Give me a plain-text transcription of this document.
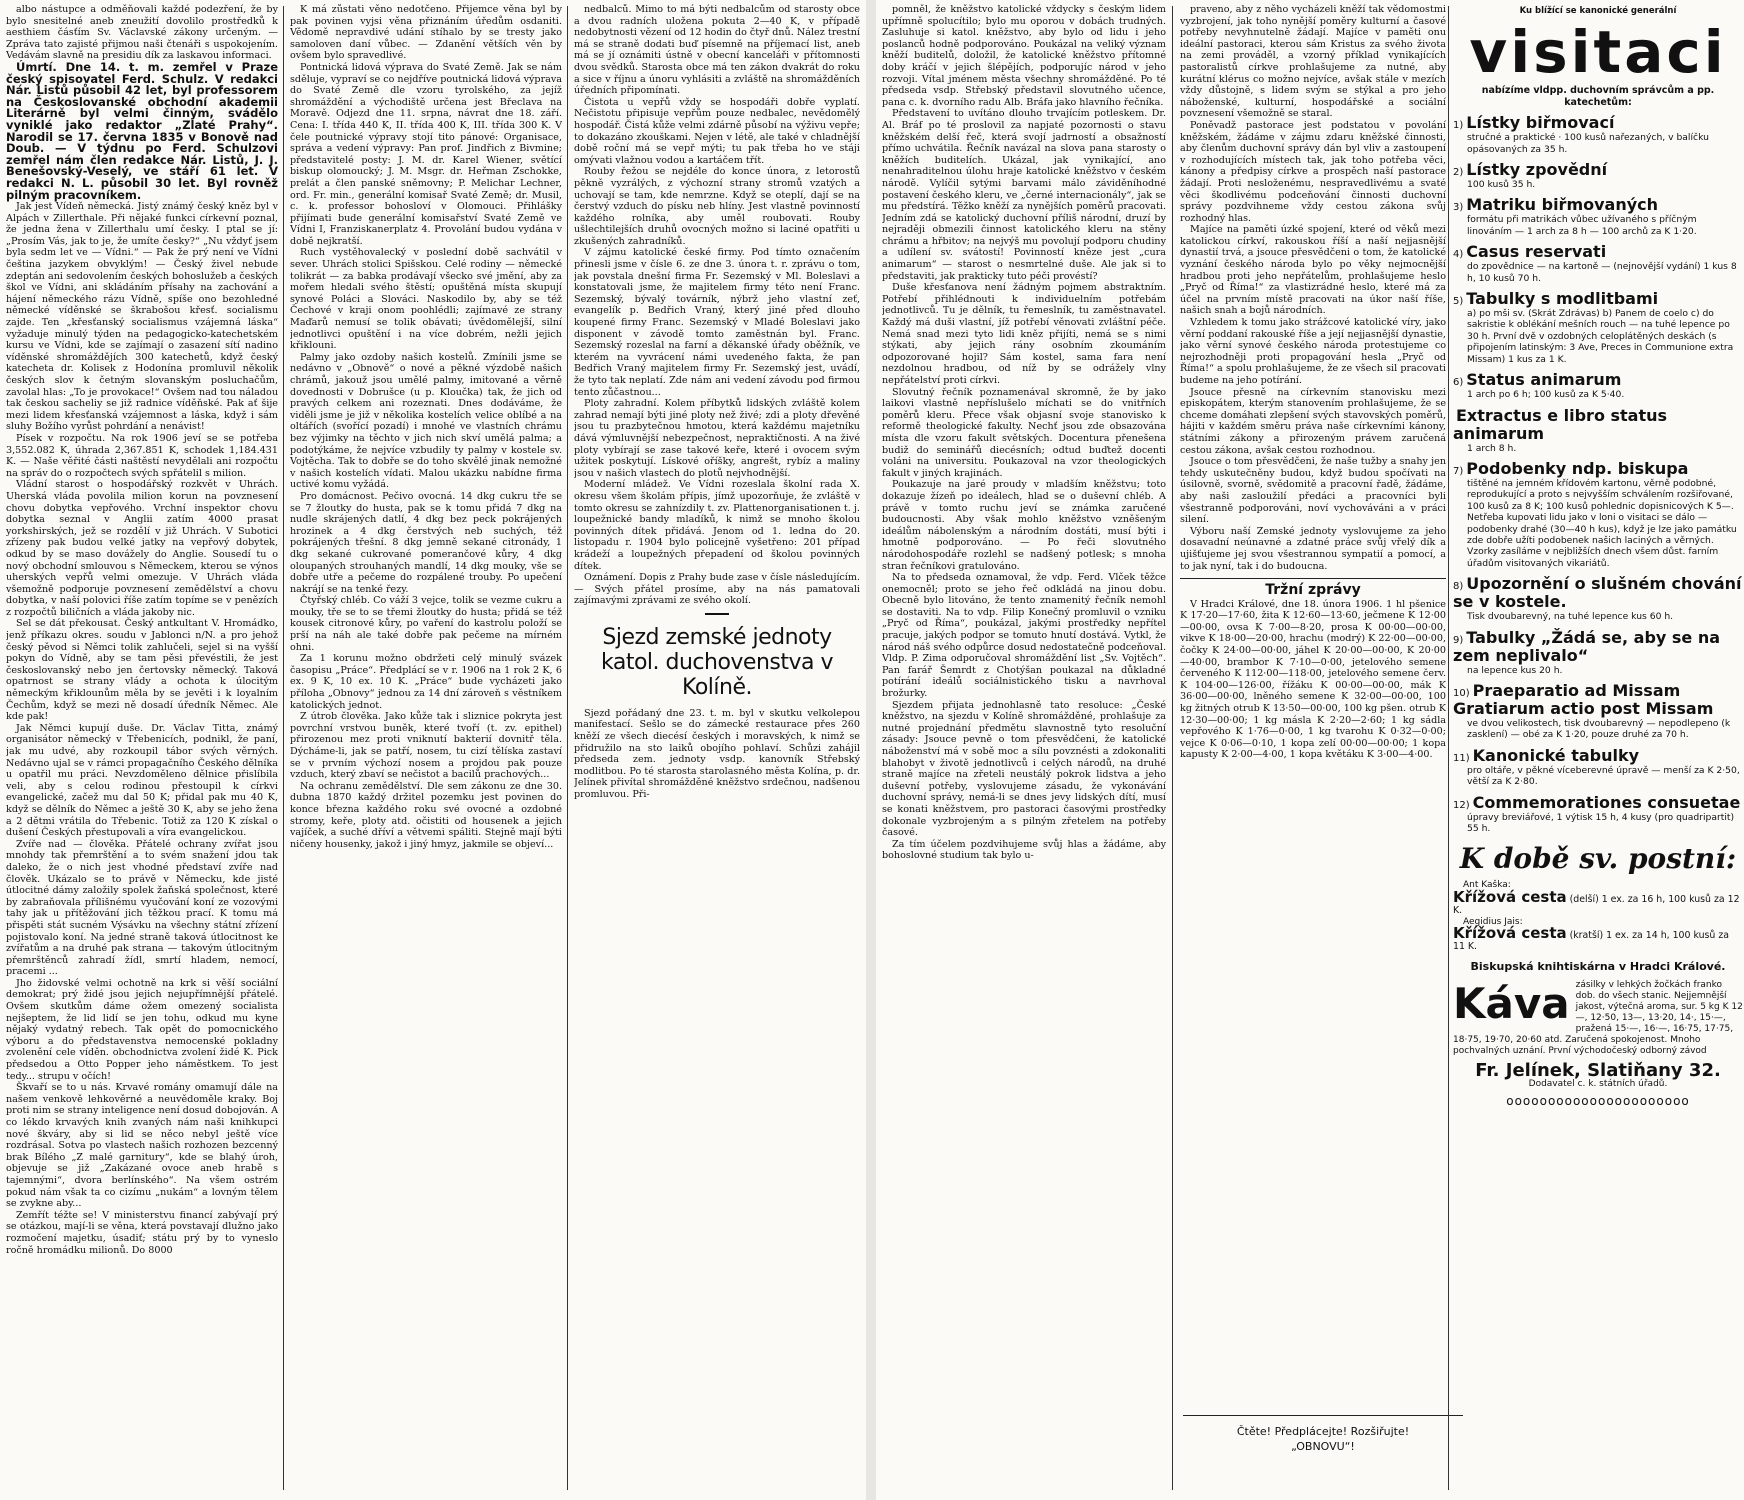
albo nástupce a odměňovali každé podezření, že by bylo snesitelné aneb zneužití dovolilo prostředků k aesthiem čásťím Sv. Václavské zákony určeným. — Zpráva tato zajisté přijmou naši čtenáři s uspokojením. Vedávám slavně na presidiu dík za laskavou informaci.

Úmrtí. Dne 14. t. m. zemřel v Praze český spisovatel Ferd. Schulz. V redakci Nár. Listů působil 42 let, byl professorem na Českoslovanské obchodní akademii Literárně byl velmi činným, svádělo vyniklé jako redaktor „Zlaté Prahy“. Narodil se 17. června 1835 v Bonově nad Doub. — V týdnu po Ferd. Schulzovi zemřel nám člen redakce Nár. Listů, J. J. Benešovský-Veselý, ve stáří 61 let. V redakci N. L. působil 30 let. Byl rovněž pilným pracovníkem.

Jak jest Vídeň německá. Jistý známý český kněz byl v Alpách v Zillerthale. Při nějaké funkci církevní poznal, že jedna žena v Zillerthalu umí česky. I ptal se jí: „Prosím Vás, jak to je, že umíte česky?“ „Nu vždyť jsem byla sedm let ve — Vídni.“ — Pak že prý není ve Vídni čeština jazykem obvyklým! — Český živel nebude zdeptán ani sedovolením českých bohoslužeb a českých škol ve Vídni, ani skládáním přísahy na zachování a hájení německého rázu Vídně, spíše ono bezohledné německé víděnské se škrabošou křesť. socialismu zajde. Ten „křesťanský socialismus vzájemná láska“ vyžaduje minulý týden na pedagogicko-katechetském kursu ve Vídni, kde se zajímají o zasazení sítí nadino víděnské shromáždějích 300 katechetů, když český katecheta dr. Kolisek z Hodonína promluvil několik českých slov k četným slovanským posluchačům, zavolal hlas: „To je provokace!“ Ovšem nad tou náladou tak českou sacheliy se již radnice víděňské. Pak ať šije mezi lidem křesťanská vzájemnost a láska, když i sám sluhy Božího vyrůst pohrdání a nenávist!

Písek v rozpočtu. Na rok 1906 jeví se se potřeba 3,552.082 K, úhrada 2,367.851 K, schodek 1,184.431 K. — Naše věřité části naštěstí nevydělali ani rozpočtu na správ do o rozpočtech svých spřátelil s milion.

Vládní starost o hospodářský rozkvět v Uhrách. Uherská vláda povolila milion korun na povznesení chovu dobytka vepřového. Vrchní inspektor chovu dobytka seznal v Anglii zatím 4000 prasat yorkshirských, jež se rozdělí v již Uhrách. V Subotici zřízeny pak budou velké jatky na vepřový dobytek, odkud by se maso dovážely do Anglie. Sousedí tu o nový obchodní smlouvou s Německem, kterou se výnos uherských vepřů velmi omezuje. V Uhrách vláda všemožně podporuje povznesení zemědělství a chovu dobytka, v naší polovici říše zatím topíme se v penězích z rozpočtů biličních a vláda jakoby nic.

Sel se dát překousat. Český antkultant V. Hromádko, jenž příkazu okres. soudu v Jablonci n/N. a pro jehož český pěvod si Němci tolik zahlučeli, sejel si na vyšší pokyn do Vídně, aby se tam pěsi převéstili, že jest českoslovanský nebo jen čertovsky německý. Taková opatrnost se strany vlády a ochota k úlocitým německým křiklounům měla by se jevěti i k loyalním Čechům, když se mezi ně dosadí úředník Němec. Ale kde pak!

Jak Němci kupují duše. Dr. Václav Titta, známý organisátor německý v Třebenicích, podnikl, že paní, jak mu udvé, aby rozkoupil tábor svých věrných. Nedávno ujal se v rámci propagačního Českého dělníka u opatřil mu práci. Nevzdoměleno dělnice přislíbila veli, aby s celou rodinou přestoupil k církvi evangelické, začež mu dal 50 K; přidal pak mu 40 K, když se dělník do Němec a ještě 30 K, aby se jeho žena a 2 dětmi vrátila do Třebenic. Totiž za 120 K získal o dušení Českých přestupovali a víra evangelickou.

Zvíře nad — člověka. Přátelé ochrany zvířat jsou mnohdy tak přemrštění a to svém snažení jdou tak daleko, že o nich jest vhodné představí zvíře nad člověk. Ukázalo se to právě v Německu, kde jisté útlocitné dámy založily spolek žaňská společnost, které by zabraňovala přílišnému vyučování koní ze vozovými tahy jak u přítěžování jich těžkou prací. K tomu má přispěti stát sucném Výsávku na všechny státní zřízení pojistovalo koní. Na jedné straně taková útlocitnost ke zvířatům a na druhé pak strana — takovým útlocitným přemrštěnců zahradí žídl, smrtí hladem, nemocí, pracemi ...

Jho židovské velmi ochotně na krk si věší sociální demokrat; prý židé jsou jejich nejupřímnější přátelé. Ovšem skutkům dáme ožem omezený socialista nejšeptem, že lid lidí se jen tohu, odkud mu kyne nějaký vydatný rebech. Tak opět do pomocnického výboru a do představenstva nemocenské pokladny zvolenění cele víděn. obchodnictva zvolení židé K. Pick předsedou a Otto Popper jeho náměstkem. To jest tedy... strupu v očích!

Škvaří se to u nás. Krvavé romány omamují dále na našem venkově lehkověrné a neuvědoměle kraky. Boj proti nim se strany inteligence není dosud dobojován. A co lékdo krvavých knih zvaných nám naši knihkupci nové škváry, aby si lid se něco nebyl ještě více rozdrásal. Sotva po vlastech našich rozhozen bezcenný brak Bílého „Z malé garnitury“, kde se blahý úroh, objevuje se již „Zakázané ovoce aneb hrabě s tajemnými“, dvora berlínského“. Na všem ostrém pokud nám však ta co cizímu „nukám“ a lovným tělem se zvykne aby...

Zemřít téžte se! V ministerstvu financí zabývají prý se otázkou, mají-li se věna, která povstavají dlužno jako rozmočení majetku, úsadiť; státu prý by to vyneslo ročně hromádku milionů. Do 8000

K má zůstati věno nedotčeno. Přijemce věna byl by pak povinen vyjsi věna přiznáním úředům osdaniti. Vědomě nepravdivé udání stíhalo by se tresty jako samoloven daní vůbec. — Zdanění větších věn by ovšem bylo spravedlivé.

Pontnická lidová výprava do Svaté Země. Jak se nám sděluje, vypraví se co nejdříve poutnická lidová výprava do Svaté Země dle vzoru tyrolského, za jejíž shromáždění a východiště určena jest Břeclava na Moravě. Odjezd dne 11. srpna, návrat dne 18. září. Cena: I. třída 440 K, II. třída 400 K, III. třída 300 K. V čele poutnické výpravy stojí tito pánové: Organisace, správa a vedení výpravy: Pan prof. Jindřich z Bivmine; představitelé posty: J. M. dr. Karel Wiener, světící biskup olomoucký; J. M. Msgr. dr. Heřman Zschokke, prelát a člen panské sněmovny; P. Melichar Lechner, ord. Fr. min., generální komisař Svaté Země; dr. Musil, c. k. professor bohosloví v Olomouci. Přihlášky přijímati bude generální komisařství Svaté Země ve Vídni I, Franziskanerplatz 4. Provolání budou vydána v době nejkratší.

Ruch vystěhovalecký v poslední době sachvátil v sever. Uhrách stolici Spišskou. Celé rodiny — německé tolikrát — za babka prodávají všecko své jmění, aby za mořem hledali svého štěstí; opuštěná místa skupují synové Poláci a Slováci. Naskodilo by, aby se též Čechové v kraji onom poohlédli; zajímavé ze strany Maďarů nemusí se tolik obávati; úvědomělejší, silní jednotlivci opuštění i na více dobrém, nežli jejich křiklouni.

Palmy jako ozdoby našich kostelů. Zmínili jsme se nedávno v „Obnově“ o nové a pěkné výzdobě našich chrámů, jakouž jsou umělé palmy, imitované a věrně dovednosti v Dobrušce (u p. Kloučka) tak, že jich od pravých celkem ani rozeznati. Dnes dodáváme, že viděli jsme je již v několika kostelích velice oblíbé a na oltářích (svořící pozadí) i mnohé ve vlastních chrámu bez výjimky na těchto v jich nich skví umělá palma; a podotýkáme, že nejvíce vzbudily ty palmy v kostele sv. Vojtěcha. Tak to dobře se do toho skvělé jinak nemožné v našich kostelích vídati. Malou ukázku nabídne firma uctivé komu vyžádá.

Pro domácnost. Pečivo ovocná. 14 dkg cukru tře se se 7 žloutky do husta, pak se k tomu přidá 7 dkg na nudle skrájených datlí, 4 dkg bez peck pokrájených hrozinek a 4 dkg čerstvých neb suchých, též pokrájených třešní. 8 dkg jemně sekané citronády, 1 dkg sekané cukrované pomerančové kůry, 4 dkg oloupaných strouhaných mandlí, 14 dkg mouky, vše se dobře utře a pečeme do rozpálené trouby. Po upečení nakrájí se na tenké řezy.

Čtyřský chléb. Co váží 3 vejce, tolik se vezme cukru a mouky, tře se to se třemi žloutky do husta; přidá se též kousek citronové kůry, po vaření do kastrolu položí se prší na náh ale také dobře pak pečeme na mírném ohni.

Za 1 korunu možno obdržeti celý minulý svázek časopisu „Práce“. Předplácí se v r. 1906 na 1 rok 2 K, 6 ex. 9 K, 10 ex. 10 K. „Práce“ bude vycházeti jako příloha „Obnovy“ jednou za 14 dní zároveň s věstníkem katolických jednot.

Z útrob člověka. Jako kůže tak i sliznice pokryta jest povrchní vrstvou buněk, které tvoří (t. zv. epithel) přirozenou mez proti vniknutí bakterií dovnitř těla. Dýcháme-li, jak se patří, nosem, tu cizí tělíska zastaví se v prvním výchozí nosem a projdou pak pouze vzduch, který zbaví se nečistot a bacilů prachových...

Na ochranu zemědělství. Dle sem zákonu ze dne 30. dubna 1870 každý držitel pozemku jest povinen do konce března každého roku své ovocné a ozdobné stromy, keře, ploty atd. očistiti od housenek a jejich vajíček, a suché dříví a větvemi spáliti. Stejně mají býti ničeny housenky, jakož i jiný hmyz, jakmile se objeví...

nedbalců. Mimo to má býti nedbalcům od starosty obce a dvou radních uložena pokuta 2—40 K, v případě nedobytnosti vězení od 12 hodin do čtyř dnů. Nález trestní má se straně dodati buď písemně na příjemací list, aneb má se jí oznámiti ústně v obecní kanceláři v přítomnosti dvou svědků. Starosta obce má ten zákon dvakrát do roku a sice v říjnu a únoru vyhlásiti a zvláště na shromážděních úředních připomínati.

Čistota u vepřů vždy se hospodáři dobře vyplatí. Nečistotu připisuje vepřům pouze nedbalec, nevědomělý hospodář. Čistá kůže velmi zdárně působí na výživu vepře; to dokazáno zkouškami. Nejen v létě, ale také v chladnější době roční má se vepř mýti; tu pak třeba ho ve stáji omývati vlažnou vodou a kartáčem třít.

Rouby řežou se nejdéle do konce února, z letorostů pěkně vyzrálých, z výchozní strany stromů vzatých a uchovají se tam, kde nemrzne. Když se oteplí, dají se na čerstvý vzduch do písku neb hlíny. Jest vlastně povinností každého rolníka, aby uměl roubovati. Rouby ušlechtilejších druhů ovocných možno si laciné opatřiti u zkušených zahradníků.

V zájmu katolické české firmy. Pod tímto označením přinesli jsme v čísle 6. ze dne 3. února t. r. zprávu o tom, jak povstala dnešní firma Fr. Sezemský v Ml. Boleslavi a konstatovali jsme, že majitelem firmy této není Franc. Sezemský, bývalý továrník, nýbrž jeho vlastní zeť, evangelík p. Bedřich Vraný, který jiné před dlouho koupené firmy Franc. Sezemský v Mladé Boleslavi jako disponent v závodě tomto zaměstnán byl. Franc. Sezemský rozeslal na farní a děkanské úřady oběžník, ve kterém na vyvrácení námi uvedeného fakta, že pan Bedřich Vraný majitelem firmy Fr. Sezemský jest, uvádí, že tyto tak neplatí. Zde nám ani vedení závodu pod firmou tento zůčastnou...

Ploty zahradní. Kolem příbytků lidských zvláště kolem zahrad nemají býti jiné ploty než živé; zdi a ploty dřevěné jsou tu prazbytečnou hmotou, která každému majetníku dává výmluvnější nebezpečnost, nepraktičnosti. A na živé ploty vybírají se zase takové keře, které i ovocem svým užitek poskytují. Lískové oříšky, angrešt, rybíz a maliny jsou v našich vlastech do plotů nejvhodnější.

Moderní mládež. Ve Vídni rozeslala školní rada X. okresu všem školám přípis, jímž upozorňuje, že zvláště v tomto okresu se zahnízdily t. zv. Plattenorganisationen t. j. loupežnické bandy mladíků, k nimž se mnoho školou povinných dítek přidává. Jenom od 1. ledna do 20. listopadu r. 1904 bylo policejně vyšetřeno: 201 případ krádeží a loupežných přepadení od školou povinných dítek.

Oznámení. Dopis z Prahy bude zase v čísle následujícím. — Svých přátel prosíme, aby na nás pamatovali zajímavými zprávami ze svého okolí.

Sjezd zemské jednoty katol. duchovenstva v Kolíně.

Sjezd pořádaný dne 23. t. m. byl v skutku velkolepou manifestací. Sešlo se do zámecké restaurace přes 260 kněží ze všech diecésí českých i moravských, k nimž se přidružilo na sto laiků obojího pohlaví. Schůzi zahájil předseda zem. jednoty vsdp. kanovník Střebský modlitbou. Po té starosta starolasného města Kolína, p. dr. Jelínek přivítal shromážděné kněžstvo srdečnou, nadšenou promluvou. Při-

pomněl, že kněžstvo katolické vždycky s českým lidem upřímně spolucítilo; bylo mu oporou v dobách trudných. Zasluhuje si katol. kněžstvo, aby bylo od lidu i jeho poslanců hodně podporováno. Poukázal na veliký význam kněží buditelů, doložil, že katolické kněžstvo přítomné doby kráčí v jejich šlépějích, podporujíc národ v jeho rozvoji. Vítal jménem města všechny shromážděné. Po té předseda vsdp. Střebský představil slovutného učence, pana c. k. dvorního radu Alb. Bráfa jako hlavního řečníka.

Představení to uvítáno dlouho trvajícím potleskem. Dr. Al. Bráf po té proslovil za napjaté pozornosti o stavu kněžském delší řeč, která svojí jadrností a obsažností přímo uchvátila. Řečník navázal na slova pana starosty o kněžích buditelích. Ukázal, jak vynikající, ano nenahraditelnou úlohu hraje katolické kněžstvo v českém národě. Vylíčil sytými barvami málo záviděníhodné postavení českého kleru, ve „černé internacionály“, jak se mu předstírá. Těžko kněží za nynějších poměrů pracovati. Jedním zdá se katolický duchovní příliš národní, druzí by nejraději obmezili činnost katolického kleru na stěny chrámu a hřbitov; na nejvýš mu povolují podporu chudiny a udílení sv. svátostí! Povinností kněze jest „cura animarum“ — starost o nesmrtelné duše. Ale jak si to představiti, jak prakticky tuto péči provéstí?

Duše křesťanova není žádným pojmem abstraktním. Potřebí přihlédnouti k individuelním potřebám jednotlivců. Tu je dělník, tu řemeslník, tu zaměstnavatel. Každý má duši vlastní, jíž potřebí věnovati zvláštní péče. Nemá snad mezi tyto lidi kněz přijíti, nemá se s nimi stýkati, aby jejich rány osobním zkoumáním odpozorované hojil? Sám kostel, sama fara není nezdolnou hradbou, od níž by se odrážely vlny nepřátelství proti církvi.

Slovutný řečník poznamenával skromně, že by jako laikovi vlastně nepříslušelo míchati se do vnitřních poměrů kleru. Přece však objasní svoje stanovisko k reformě theologické fakulty. Nechť jsou zde obsazována místa dle vzoru fakult světských. Docentura přenešena budiž do seminářů diecésních; odtud buďtež docenti voláni na universitu. Poukazoval na vzor theologických fakult v jiných krajinách.

Poukazuje na jaré proudy v mladším kněžstvu; toto dokazuje žízeň po ideálech, hlad se o duševní chléb. A právě v tomto ruchu jeví se známka zaručené budoucnosti. Aby však mohlo kněžstvo vzněšeným ideálům nábolenským a národním dostáti, musí býti i hmotně podporováno. — Po řeči slovutného národohospodáře rozlehl se nadšený potlesk; s mnoha stran řečníkovi gratulováno.

Na to předseda oznamoval, že vdp. Ferd. Vlček těžce onemocněl; proto se jeho řeč odkládá na jinou dobu. Obecně bylo litováno, že tento znamenitý řečník nemohl se dostaviti. Na to vdp. Filip Konečný promluvil o vzniku „Pryč od Říma“, poukázal, jakými prostředky nepřítel pracuje, jakých podpor se tomuto hnutí dostává. Vytkl, že národ náš svého odpůrce dosud nedostatečně podceňoval. Vldp. P. Zima odporučoval shromáždění list „Sv. Vojtěch“. Pan farář Šemrdt z Chotýšan poukazal na důkladné potírání ideálů sociálnistického tisku a navrhoval brožurky.

Sjezdem přijata jednohlasně tato resoluce: „České kněžstvo, na sjezdu v Kolíně shromážděné, prohlašuje za nutné projednání předmětu slavnostně tyto resoluční zásady: Jsouce pevně o tom přesvědčeni, že katolické náboženství má v sobě moc a sílu povznésti a zdokonaliti blahobyt v životě jednotlivců i celých národů, na druhé straně majíce na zřeteli neustálý pokrok lidstva a jeho duševní potřeby, vyslovujeme zásadu, že vykonávání duchovní správy, nemá-li se dnes jevy lidských dítí, musí se konati kněžstvem, pro pastoraci časovými prostředky dokonale vyzbrojeným a s pilným zřetelem na potřeby časové.

Za tím účelem pozdvihujeme svůj hlas a žádáme, aby bohoslovné studium tak bylo u-

praveno, aby z něho vycházeli kněží tak vědomostmi vyzbrojení, jak toho nynější poměry kulturní a časové potřeby nevyhnutelně žádají. Majíce v paměti onu ideální pastoraci, kterou sám Kristus za svého života na zemi prováděl, a vzorný příklad vynikajících pastoralistů církve prohlašujeme za nutné, aby kurátní klérus co možno nejvíce, avšak stále v mezích vždy důstojně, s lidem svým se stýkal a pro jeho náboženské, kulturní, hospodářské a sociální povznesení všemožně se staral.

Poněvadž pastorace jest podstatou v povolání kněžském, žádáme v zájmu zdaru kněžské činnosti, aby členům duchovní správy dán byl vliv a zastoupení v rozhodujících místech tak, jak toho potřeba věci, kánony a předpisy církve a prospěch naší pastorace žádají. Proti nesloženému, nespravedlivému a svaté věci škodlivému podceňování činnosti duchovní správy pozdvihneme vždy cestou zákona svůj rozhodný hlas.

Majíce na paměti úzké spojení, které od věků mezi katolickou církví, rakouskou říší a naší nejjasnější dynastií trvá, a jsouce přesvědčeni o tom, že katolické vyznání českého národa bylo po věky nejmocnější hradbou proti jeho nepřátelům, prohlašujeme heslo „Pryč od Říma!“ za vlastizrádné heslo, které má za účel na prvním místě pracovati na úkor naší říše, našich snah a bojů národních.

Vzhledem k tomu jako strážcové katolické víry, jako věrní poddaní rakouské říše a její nejjasnější dynastie, jako věrní synové českého národa protestujeme co nejrozhodněji proti propagování hesla „Pryč od Říma!“ a spolu prohlašujeme, že ze všech sil pracovati budeme na jeho potírání.

Jsouce přesně na církevním stanovisku mezi episkopátem, kterým stanovením prohlašujeme, že se chceme domáhati zlepšení svých stavovských poměrů, hájiti v každém směru práva naše církevními kánony, státními zákony a přirozeným právem zaručená cestou zákona, avšak cestou rozhodnou.

Jsouce o tom přesvědčeni, že naše tužby a snahy jen tehdy uskutečněny budou, když budou spočívati na úsilovně, svorně, svědomitě a pracovní řadě, žádáme, aby naši zasloužilí předáci a pracovníci byli všestranně podporováni, noví vychováváni a v práci silení.

Výboru naší Zemské jednoty vyslovujeme za jeho dosavadní neúnavné a zdatné práce svůj vřelý dík a ujišťujeme jej svou všestrannou sympatií a pomocí, a to jak nyní, tak i do budoucna.

Tržní zprávy

V Hradci Králové, dne 18. února 1906. 1 hl pšenice K 17·20—17·60, žita K 12·60—13·60, ječmene K 12·00—00·00, ovsa K 7·00—8·20, prosa K 00·00—00·00, vikve K 18·00—20·00, hrachu (modrý) K 22·00—00·00, čočky K 24·00—00·00, jáhel K 20·00—00·00, K 20·00—40·00, brambor K 7·10—0·00, jetelového semene červeného K 112·00—118·00, jetelového semene červ. K 104·00—126·00, řížáku K 00·00—00·00, mák K 36·00—00·00, lněného semene K 32·00—00·00, 100 kg žitných otrub K 13·50—00·00, 100 kg pšen. otrub K 12·30—00·00; 1 kg másla K 2·20—2·60; 1 kg sádla vepřového K 1·76—0·00, 1 kg tvarohu K 0·32—0·00; vejce K 0·06—0·10, 1 kopa zelí 00·00—00·00; 1 kopa kapusty K 2·00—4·00, 1 kopa květáku K 3·00—4·00.

Čtěte! Předplácejte! Rozšiřujte!
„OBNOVU“!
Ku blížící se kanonické generální
visitaci
nabízíme vldpp. duchovním správcům a pp. katechetům:
1) Lístky biřmovací
stručné a praktické · 100 kusů nařezaných, v balíčku opásovaných za 35 h.
2) Lístky zpovědní
100 kusů 35 h.
3) Matriku biřmovaných
formátu při matrikách vůbec užívaného s příčným linováním — 1 arch za 8 h — 100 archů za K 1·20.
4) Casus reservati
do zpovědnice — na kartoně — (nejnovější vydání) 1 kus 8 h, 10 kusů 70 h.
5) Tabulky s modlitbami
a) po mši sv. (Skrát Zdrávas) b) Panem de coelo c) do sakristie k oblékání mešních rouch — na tuhé lepence po 30 h. První dvě v ozdobných celoplátěných deskách (s připojením latinským: 3 Ave, Preces in Communione extra Missam) 1 kus za 1 K.
6) Status animarum
1 arch po 6 h; 100 kusů za K 5·40.
Extractus e libro status animarum
1 arch 8 h.
7) Podobenky ndp. biskupa
tištěné na jemném křídovém kartonu, věrně podobné, reprodukující a proto s nejvyšším schválením rozšiřované, 100 kusů za 8 K; 100 kusů pohlednic dopisnicových K 5—. Netřeba kupovati lidu jako v loni o visitaci se dálo — podobenky drahé (30—40 h kus), když je lze jako památku zde dobře užíti podobenek našich laciných a věrných. Vzorky zasíláme v nejbližších dnech všem důst. farním úřadům visitovaných vikariátů.
8) Upozornění o slušném chování se v kostele.
Tisk dvoubarevný, na tuhé lepence kus 60 h.
9) Tabulky „Žádá se, aby se na zem neplivalo“
na lepence kus 20 h.
10) Praeparatio ad Missam Gratiarum actio post Missam
ve dvou velikostech, tisk dvoubarevný — nepodlepeno (k zasklení) — obé za K 1·20, pouze druhé za 70 h.
11) Kanonické tabulky
pro oltáře, v pěkné víceberevné úpravě — menší za K 2·50, větší za K 2·80.
12) Commemorationes consuetae
úpravy breviářové, 1 výtisk 15 h, 4 kusy (pro quadripartit) 55 h.
K době sv. postní:
Ant Kaška:
Křížová cesta (delší) 1 ex. za 16 h, 100 kusů za 12 K.
Aegidius Jais:
Křížová cesta (kratší) 1 ex. za 14 h, 100 kusů za 11 K.
Biskupská knihtiskárna v Hradci Králové.
Káva zásilky v lehkých žočkách franko dob. do všech stanic. Nejjemnější jakost, výtečná aroma, sur. 5 kg K 12—, 12·50, 13—, 13·20, 14·, 15·—, pražená 15·—, 16·—, 16·75, 17·75, 18·75, 19·70, 20·60 atd. Zaručená spokojenost. Mnoho pochvalných uznání. První východočeský odborný závod
Fr. Jelínek, Slatiňany 32.
Dodavatel c. k. státních úřadů.
oooooooooooooooooooooo
